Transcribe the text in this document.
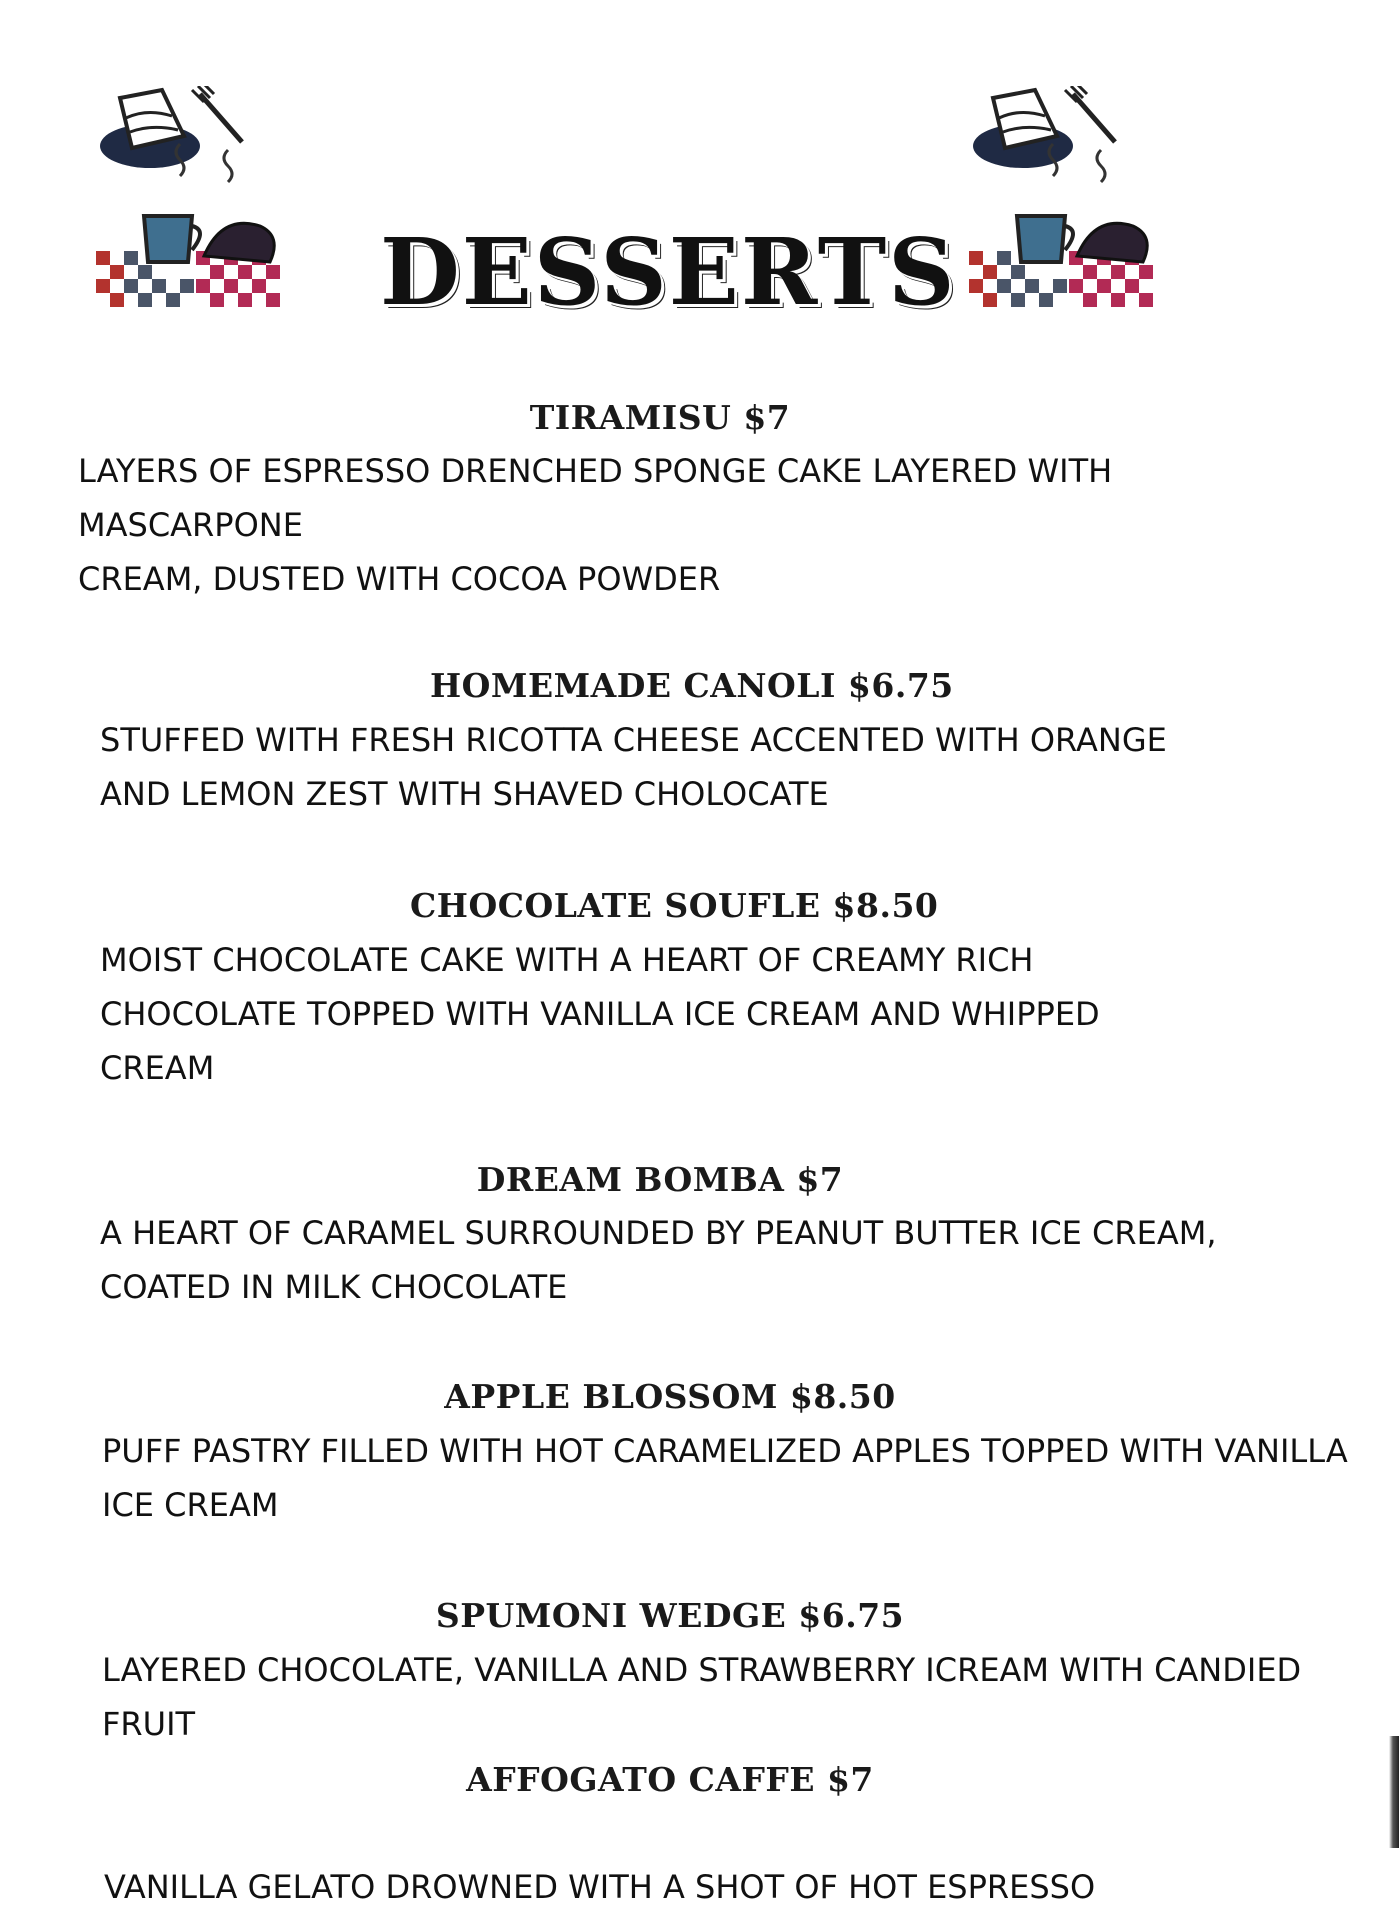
DESSERTS
TIRAMISU $7
LAYERS OF ESPRESSO DRENCHED SPONGE CAKE LAYERED WITH MASCARPONE
CREAM, DUSTED WITH COCOA POWDER
HOMEMADE CANOLI $6.75
STUFFED WITH FRESH RICOTTA CHEESE ACCENTED WITH ORANGE
AND LEMON ZEST WITH SHAVED CHOLOCATE
CHOCOLATE SOUFLE $8.50
MOIST CHOCOLATE CAKE WITH A HEART OF CREAMY RICH
CHOCOLATE TOPPED WITH VANILLA ICE CREAM AND WHIPPED
CREAM
DREAM BOMBA $7
A HEART OF CARAMEL SURROUNDED BY PEANUT BUTTER ICE CREAM,
COATED IN MILK CHOCOLATE
APPLE BLOSSOM $8.50
PUFF PASTRY FILLED WITH HOT CARAMELIZED APPLES TOPPED WITH VANILLA
ICE CREAM
SPUMONI WEDGE $6.75
LAYERED CHOCOLATE, VANILLA AND STRAWBERRY ICREAM WITH CANDIED
FRUIT
AFFOGATO CAFFE $7
VANILLA GELATO DROWNED WITH A SHOT OF HOT ESPRESSO
